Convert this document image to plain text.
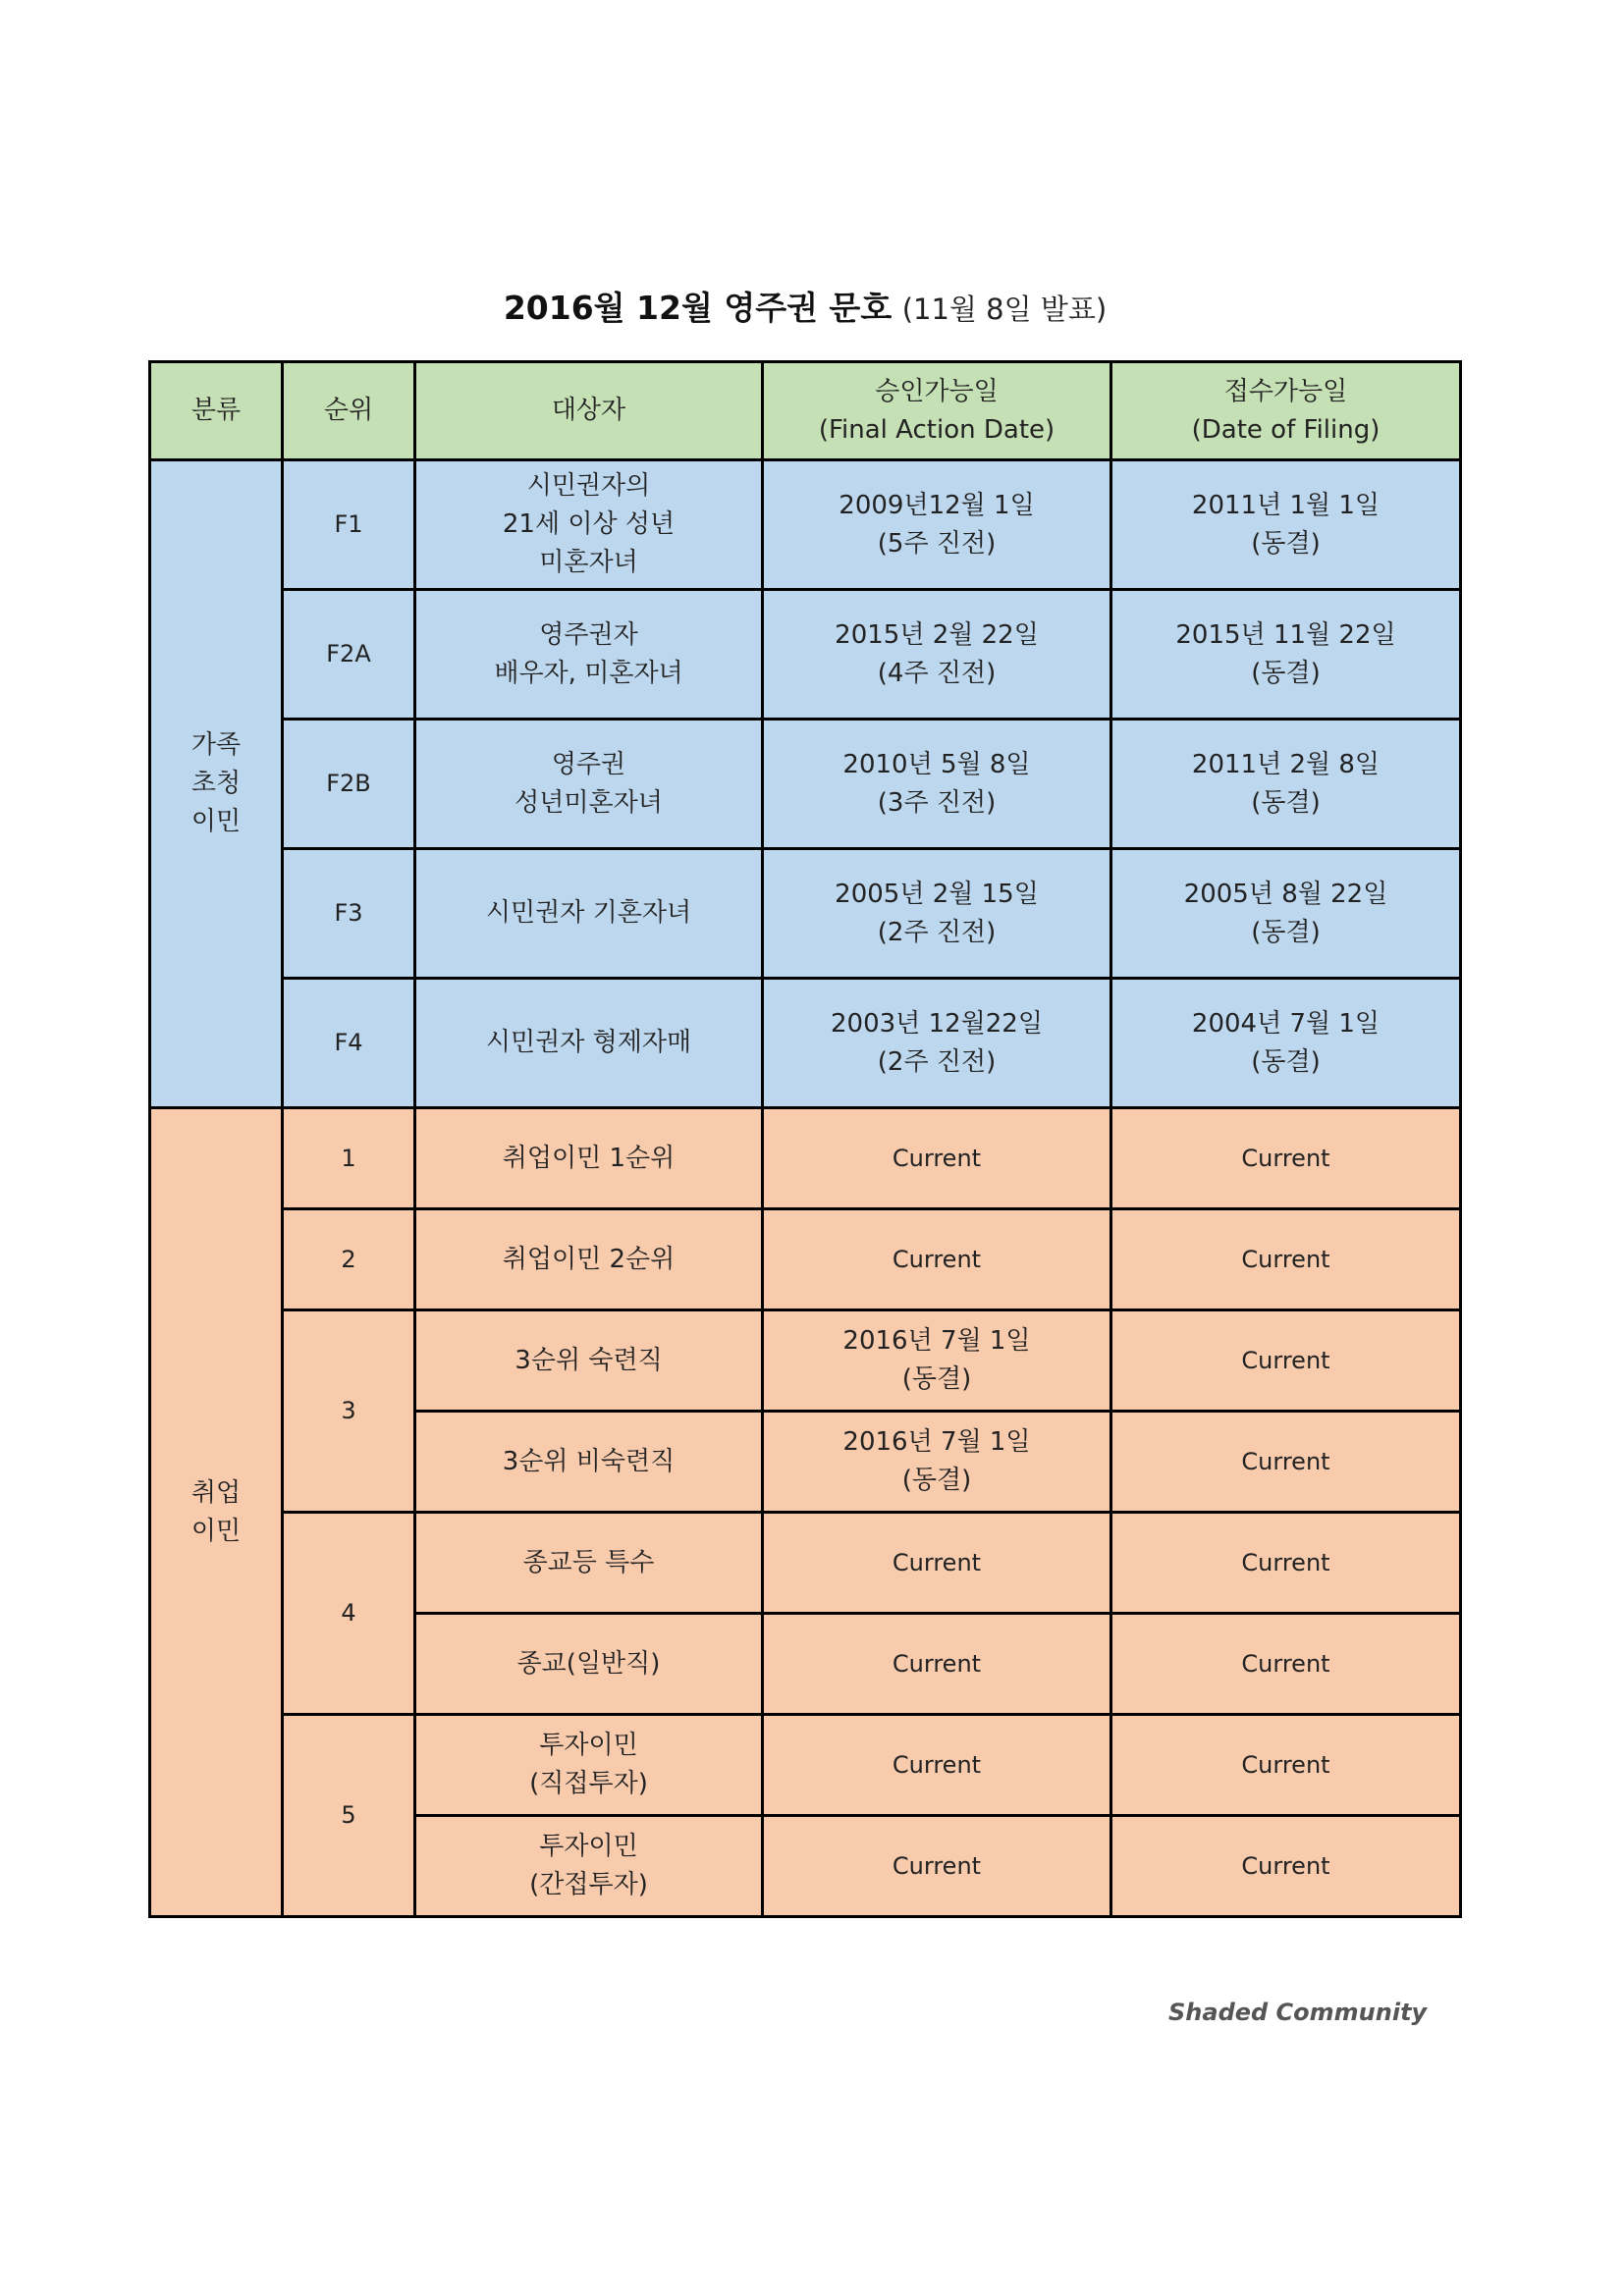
2016월 12월 영주권 문호 (11월 8일 발표)
분류	순위	대상자	승인가능일
(Final Action Date)	접수가능일
(Date of Filing)

가족
초청
이민	F1	시민권자의
21세 이상 성년
미혼자녀	2009년12월 1일
(5주 진전)	2011년 1월 1일
(동결)

	F2A	영주권자
배우자, 미혼자녀	2015년 2월 22일
(4주 진전)	2015년 11월 22일
(동결)

	F2B	영주권
성년미혼자녀	2010년 5월 8일
(3주 진전)	2011년 2월 8일
(동결)

	F3	시민권자 기혼자녀	2005년 2월 15일
(2주 진전)	2005년 8월 22일
(동결)

	F4	시민권자 형제자매	2003년 12월22일
(2주 진전)	2004년 7월 1일
(동결)

취업
이민	1	취업이민 1순위	Current	Current

	2	취업이민 2순위	Current	Current

	3	3순위 숙련직	2016년 7월 1일
(동결)	Current

		3순위 비숙련직	2016년 7월 1일
(동결)	Current

	4	종교등 특수	Current	Current

		종교(일반직)	Current	Current

	5	투자이민
(직접투자)	Current	Current

		투자이민
(간접투자)	Current	Current
Shaded Community
